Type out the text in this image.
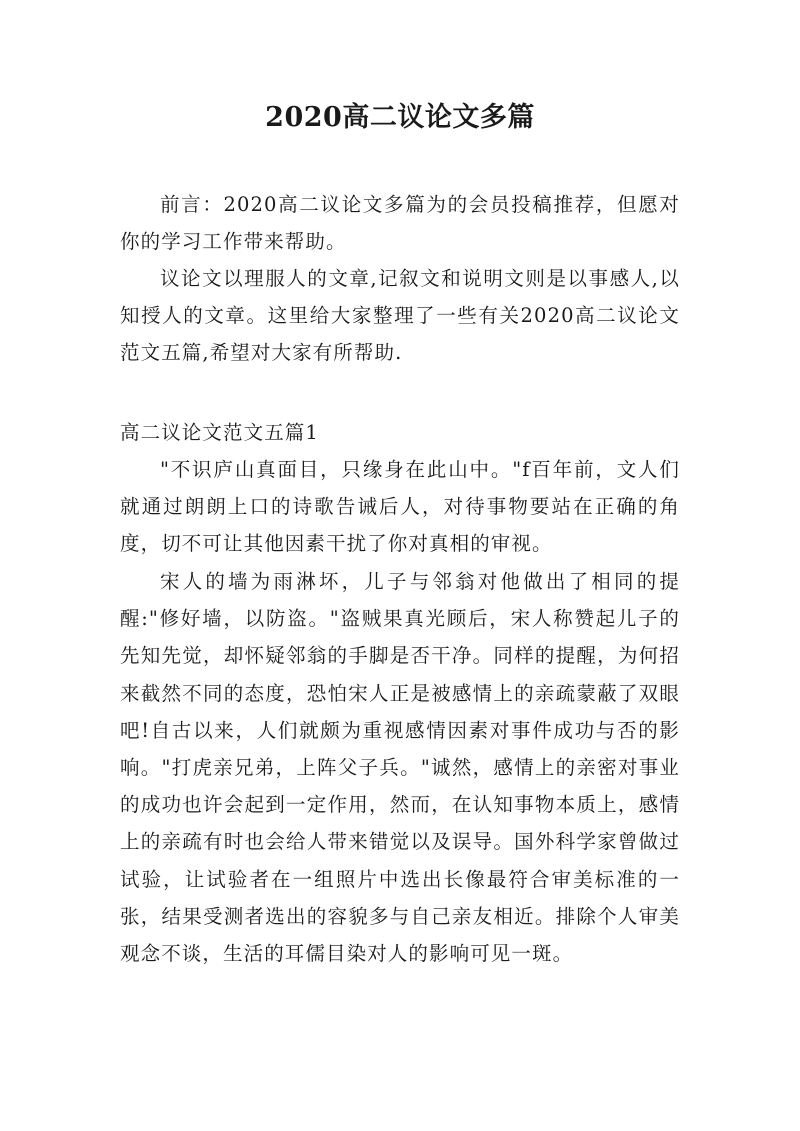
2020高二议论文多篇

前言：2020高二议论文多篇为的会员投稿推荐，但愿对你的学习工作带来帮助。

议论文以理服人的文章,记叙文和说明文则是以事感人,以知授人的文章。这里给大家整理了一些有关2020高二议论文范文五篇,希望对大家有所帮助.

高二议论文范文五篇1

"不识庐山真面目，只缘身在此山中。"f百年前，文人们就通过朗朗上口的诗歌告诫后人，对待事物要站在正确的角度，切不可让其他因素干扰了你对真相的审视。

宋人的墙为雨淋坏，儿子与邻翁对他做出了相同的提醒:"修好墙，以防盗。"盗贼果真光顾后，宋人称赞起儿子的先知先觉，却怀疑邻翁的手脚是否干净。同样的提醒，为何招来截然不同的态度，恐怕宋人正是被感情上的亲疏蒙蔽了双眼吧!自古以来，人们就颇为重视感情因素对事件成功与否的影响。"打虎亲兄弟，上阵父子兵。"诚然，感情上的亲密对事业的成功也许会起到一定作用，然而，在认知事物本质上，感情上的亲疏有时也会给人带来错觉以及误导。国外科学家曾做过试验，让试验者在一组照片中选出长像最符合审美标准的一张，结果受测者选出的容貌多与自己亲友相近。排除个人审美观念不谈，生活的耳儒目染对人的影响可见一斑。
